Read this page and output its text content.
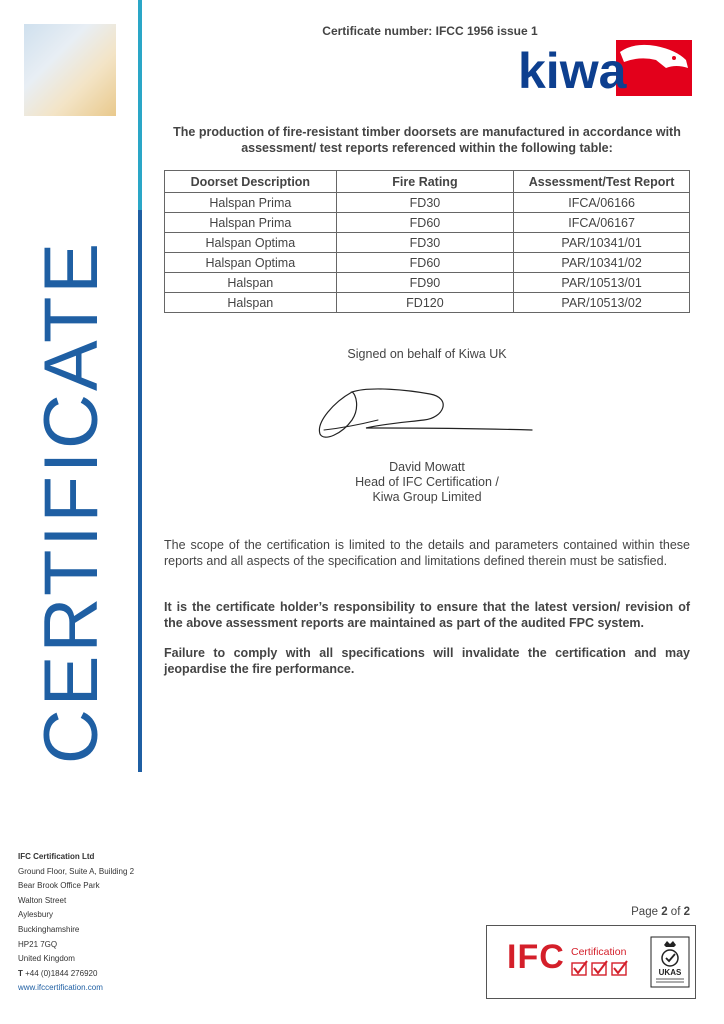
CERTIFICATE
Certificate number: IFCC 1956 issue 1
kiwa
The production of fire-resistant timber doorsets are manufactured in accordance with assessment/ test reports referenced within the following table:
Doorset Description	Fire Rating	Assessment/Test Report
Halspan Prima	FD30	IFCA/06166
Halspan Prima	FD60	IFCA/06167
Halspan Optima	FD30	PAR/10341/01
Halspan Optima	FD60	PAR/10341/02
Halspan	FD90	PAR/10513/01
Halspan	FD120	PAR/10513/02
Signed on behalf of Kiwa UK
David Mowatt
Head of IFC Certification /
Kiwa Group Limited
The scope of the certification is limited to the details and parameters contained within these reports and all aspects of the specification and limitations defined therein must be satisfied.
It is the certificate holder’s responsibility to ensure that the latest version/ revision of the above assessment reports are maintained as part of the audited FPC system.
Failure to comply with all specifications will invalidate the certification and may jeopardise the fire performance.
IFC Certification Ltd
Ground Floor, Suite A, Building 2
Bear Brook Office Park
Walton Street
Aylesbury
Buckinghamshire
HP21 7GQ
United Kingdom
T +44 (0)1844 276920
www.ifccertification.com
Page 2 of 2
IFC Certification
UKAS
